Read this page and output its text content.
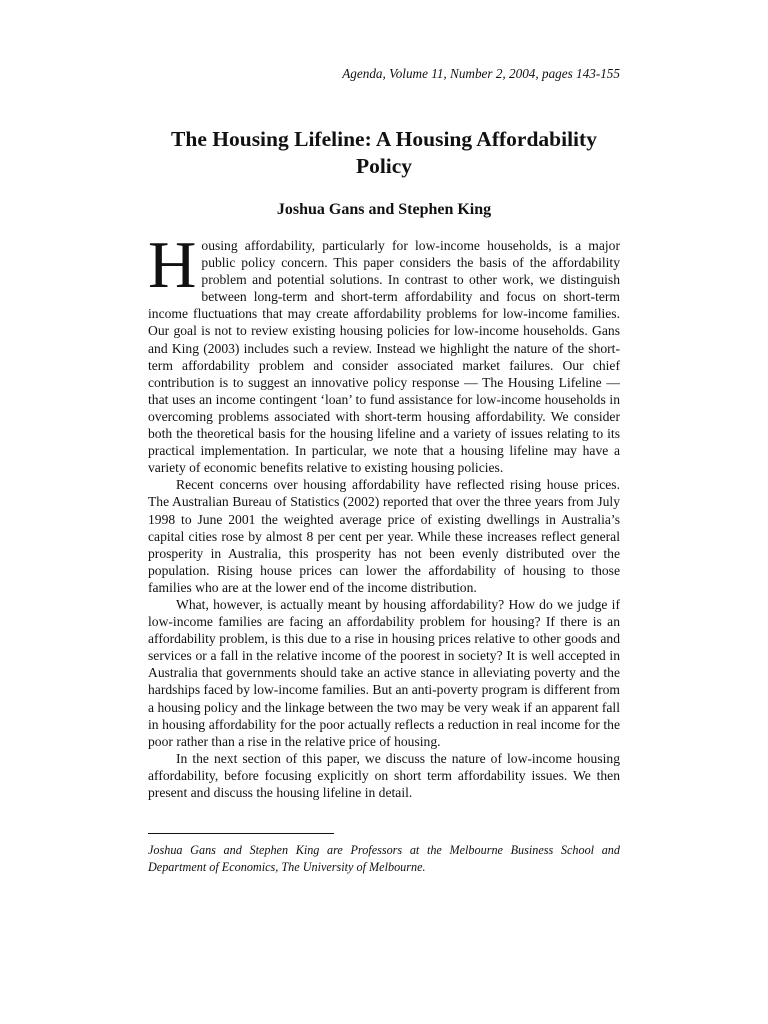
Agenda, Volume 11, Number 2, 2004, pages 143-155
The Housing Lifeline: A Housing Affordability Policy
Joshua Gans and Stephen King

Housing affordability, particularly for low-income households, is a major public policy concern. This paper considers the basis of the affordability problem and potential solutions. In contrast to other work, we distinguish between long-term and short-term affordability and focus on short-term income fluctuations that may create affordability problems for low-income families. Our goal is not to review existing housing policies for low-income households. Gans and King (2003) includes such a review. Instead we highlight the nature of the short-term affordability problem and consider associated market failures. Our chief contribution is to suggest an innovative policy response — The Housing Lifeline — that uses an income contingent ‘loan’ to fund assistance for low-income households in overcoming problems associated with short-term housing affordability. We consider both the theoretical basis for the housing lifeline and a variety of issues relating to its practical implementation. In particular, we note that a housing lifeline may have a variety of economic benefits relative to existing housing policies.

Recent concerns over housing affordability have reflected rising house prices. The Australian Bureau of Statistics (2002) reported that over the three years from July 1998 to June 2001 the weighted average price of existing dwellings in Australia’s capital cities rose by almost 8 per cent per year. While these increases reflect general prosperity in Australia, this prosperity has not been evenly distributed over the population. Rising house prices can lower the affordability of housing to those families who are at the lower end of the income distribution.

What, however, is actually meant by housing affordability? How do we judge if low-income families are facing an affordability problem for housing? If there is an affordability problem, is this due to a rise in housing prices relative to other goods and services or a fall in the relative income of the poorest in society? It is well accepted in Australia that governments should take an active stance in alleviating poverty and the hardships faced by low-income families. But an anti-poverty program is different from a housing policy and the linkage between the two may be very weak if an apparent fall in housing affordability for the poor actually reflects a reduction in real income for the poor rather than a rise in the relative price of housing.

In the next section of this paper, we discuss the nature of low-income housing affordability, before focusing explicitly on short term affordability issues. We then present and discuss the housing lifeline in detail.

Joshua Gans and Stephen King are Professors at the Melbourne Business School and Department of Economics, The University of Melbourne.
